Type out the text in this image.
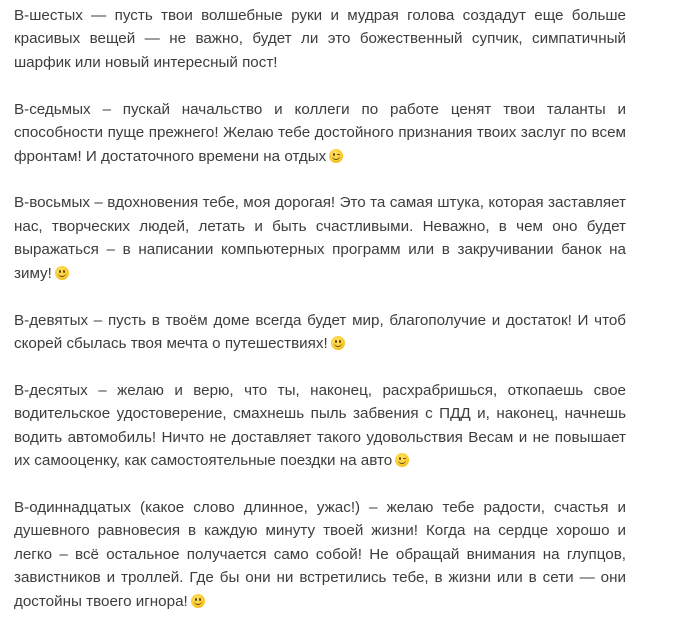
В-шестых — пусть твои волшебные руки и мудрая голова создадут еще больше красивых вещей — не важно, будет ли это божественный супчик, симпатичный шарфик или новый интересный пост!

В-седьмых – пускай начальство и коллеги по работе ценят твои таланты и способности пуще прежнего! Желаю тебе достойного признания твоих заслуг по всем фронтам! И достаточного времени на отдых

В-восьмых – вдохновения тебе, моя дорогая! Это та самая штука, которая заставляет нас, творческих людей, летать и быть счастливыми. Неважно, в чем оно будет выражаться – в написании компьютерных программ или в закручивании банок на зиму!

В-девятых – пусть в твоём доме всегда будет мир, благополучие и достаток! И чтоб скорей сбылась твоя мечта о путешествиях!

В-десятых – желаю и верю, что ты, наконец, расхрабришься, откопаешь свое водительское удостоверение, смахнешь пыль забвения с ПДД и, наконец, начнешь водить автомобиль! Ничто не доставляет такого удовольствия Весам и не повышает их самооценку, как самостоятельные поездки на авто

В-одиннадцатых (какое слово длинное, ужас!) – желаю тебе радости, счастья и душевного равновесия в каждую минуту твоей жизни! Когда на сердце хорошо и легко – всё остальное получается само собой! Не обращай внимания на глупцов, завистников и троллей. Где бы они ни встретились тебе, в жизни или в сети — они достойны твоего игнора!
